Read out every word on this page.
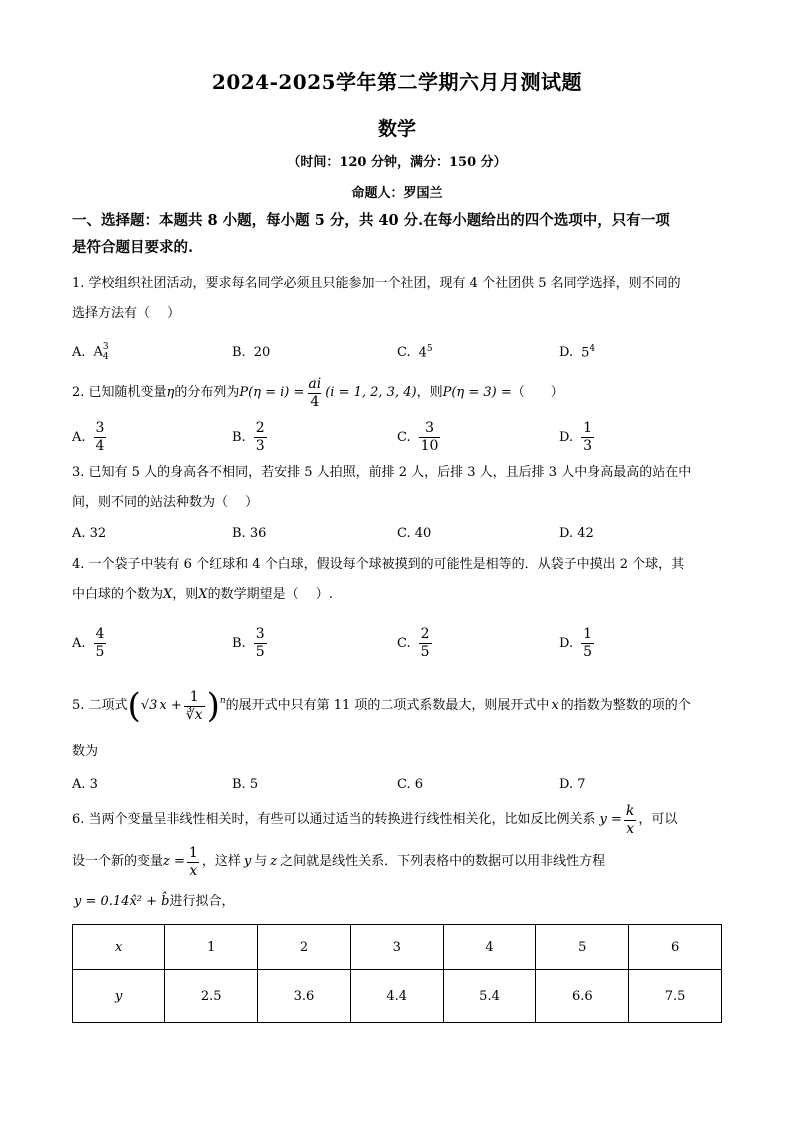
2024-2025学年第二学期六月月测试题
数学
（时间：120 分钟，满分：150 分）
命题人：罗国兰
一、选择题：本题共 8 小题，每小题 5 分，共 40 分.在每小题给出的四个选项中，只有一项
是符合题目要求的.
1. 学校组织社团活动，要求每名同学必须且只能参加一个社团，现有 4 个社团供 5 名同学选择，则不同的
选择方法有（　 ）
A. A 3
4	B. 20	C. $4^5$	D. $5^4$
2. 已知随机变量 η 的分布列为 $P(\eta = i) = \frac{ai}{4} (i = 1$, 2, 3, 4) ，则 P(η = 3) = （　　）
A. $\frac{3}{4}$	B. $\frac{2}{3}$	C. $\frac{3}{10}$	D. $\frac{1}{3}$
3. 已知有 5 人的身高各不相同，若安排 5 人拍照，前排 2 人，后排 3 人，且后排 3 人中身高最高的站在中
间，则不同的站法种数为（　 ）
A. 32	B. 36	C. 40	D. 42
4. 一个袋子中装有 6 个红球和 4 个白球，假设每个球被摸到的可能性是相等的．从袋子中摸出 2 个球，其
中白球的个数为X，则X的数学期望是（　 ）.
A. $\frac{4}{5}$	B. $\frac{3}{5}$	C. $\frac{2}{5}$	D. $\frac{1}{5}$
5. 二项式 ( √3 $x + \frac{1}{∛x} )^n$ 的展开式中只有第 11 项的二项式系数最大，则展开式中 x 的指数为整数的项的个
数为
A. 3	B. 5	C. 6	D. 7
6. 当两个变量呈非线性相关时，有些可以通过适当的转换进行线性相关化，比如反比例关系 $y = \frac{k}{x}$ ，可以
设一个新的变量 $z = \frac{1}{x}$ ，这样 y 与 z 之间就是线性关系．下列表格中的数据可以用非线性方程
y = 0.14x̂² + b̂ 进行拟合，
x	1	2	3	4	5	6
y	2.5	3.6	4.4	5.4	6.6	7.5
